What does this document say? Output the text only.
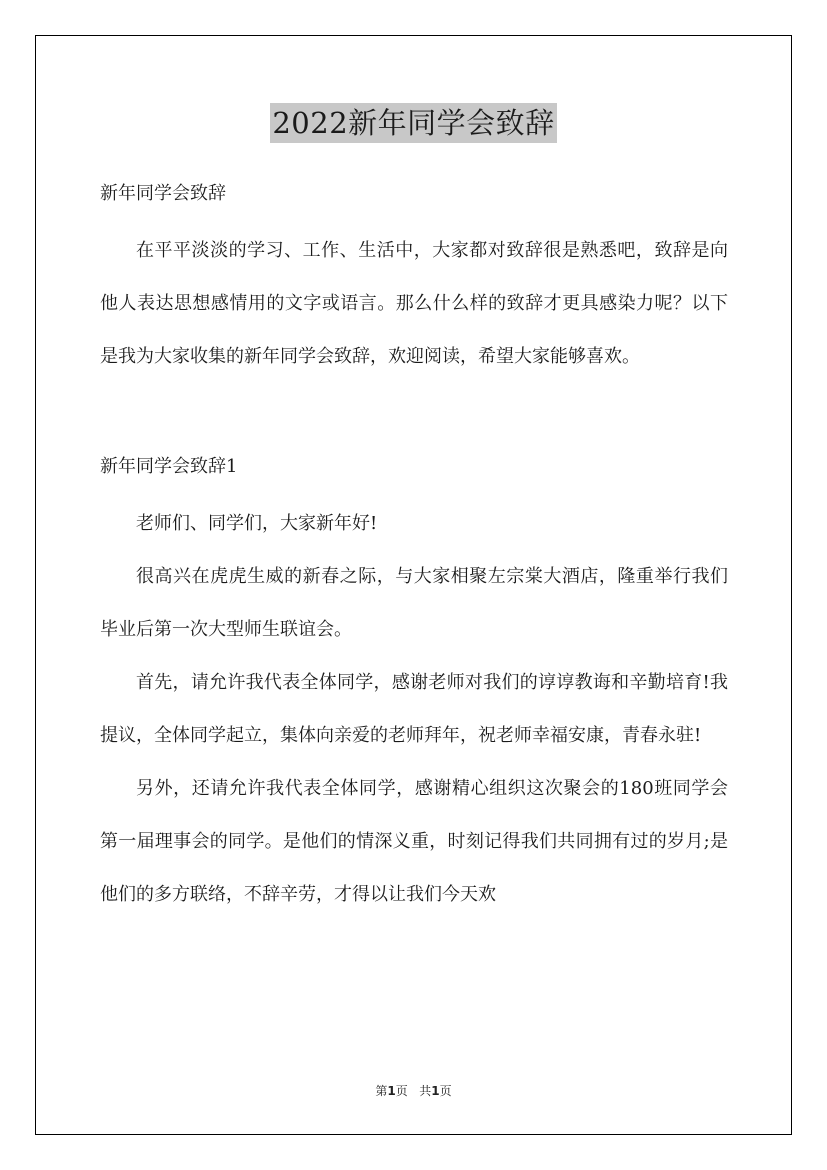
2022新年同学会致辞
新年同学会致辞

在平平淡淡的学习、工作、生活中，大家都对致辞很是熟悉吧，致辞是向他人表达思想感情用的文字或语言。那么什么样的致辞才更具感染力呢？以下是我为大家收集的新年同学会致辞，欢迎阅读，希望大家能够喜欢。

新年同学会致辞1

老师们、同学们，大家新年好!

很高兴在虎虎生威的新春之际，与大家相聚左宗棠大酒店，隆重举行我们毕业后第一次大型师生联谊会。

首先，请允许我代表全体同学，感谢老师对我们的谆谆教诲和辛勤培育!我提议，全体同学起立，集体向亲爱的老师拜年，祝老师幸福安康，青春永驻!

另外，还请允许我代表全体同学，感谢精心组织这次聚会的180班同学会第一届理事会的同学。是他们的情深义重，时刻记得我们共同拥有过的岁月;是他们的多方联络，不辞辛劳，才得以让我们今天欢

第1页 共1页
